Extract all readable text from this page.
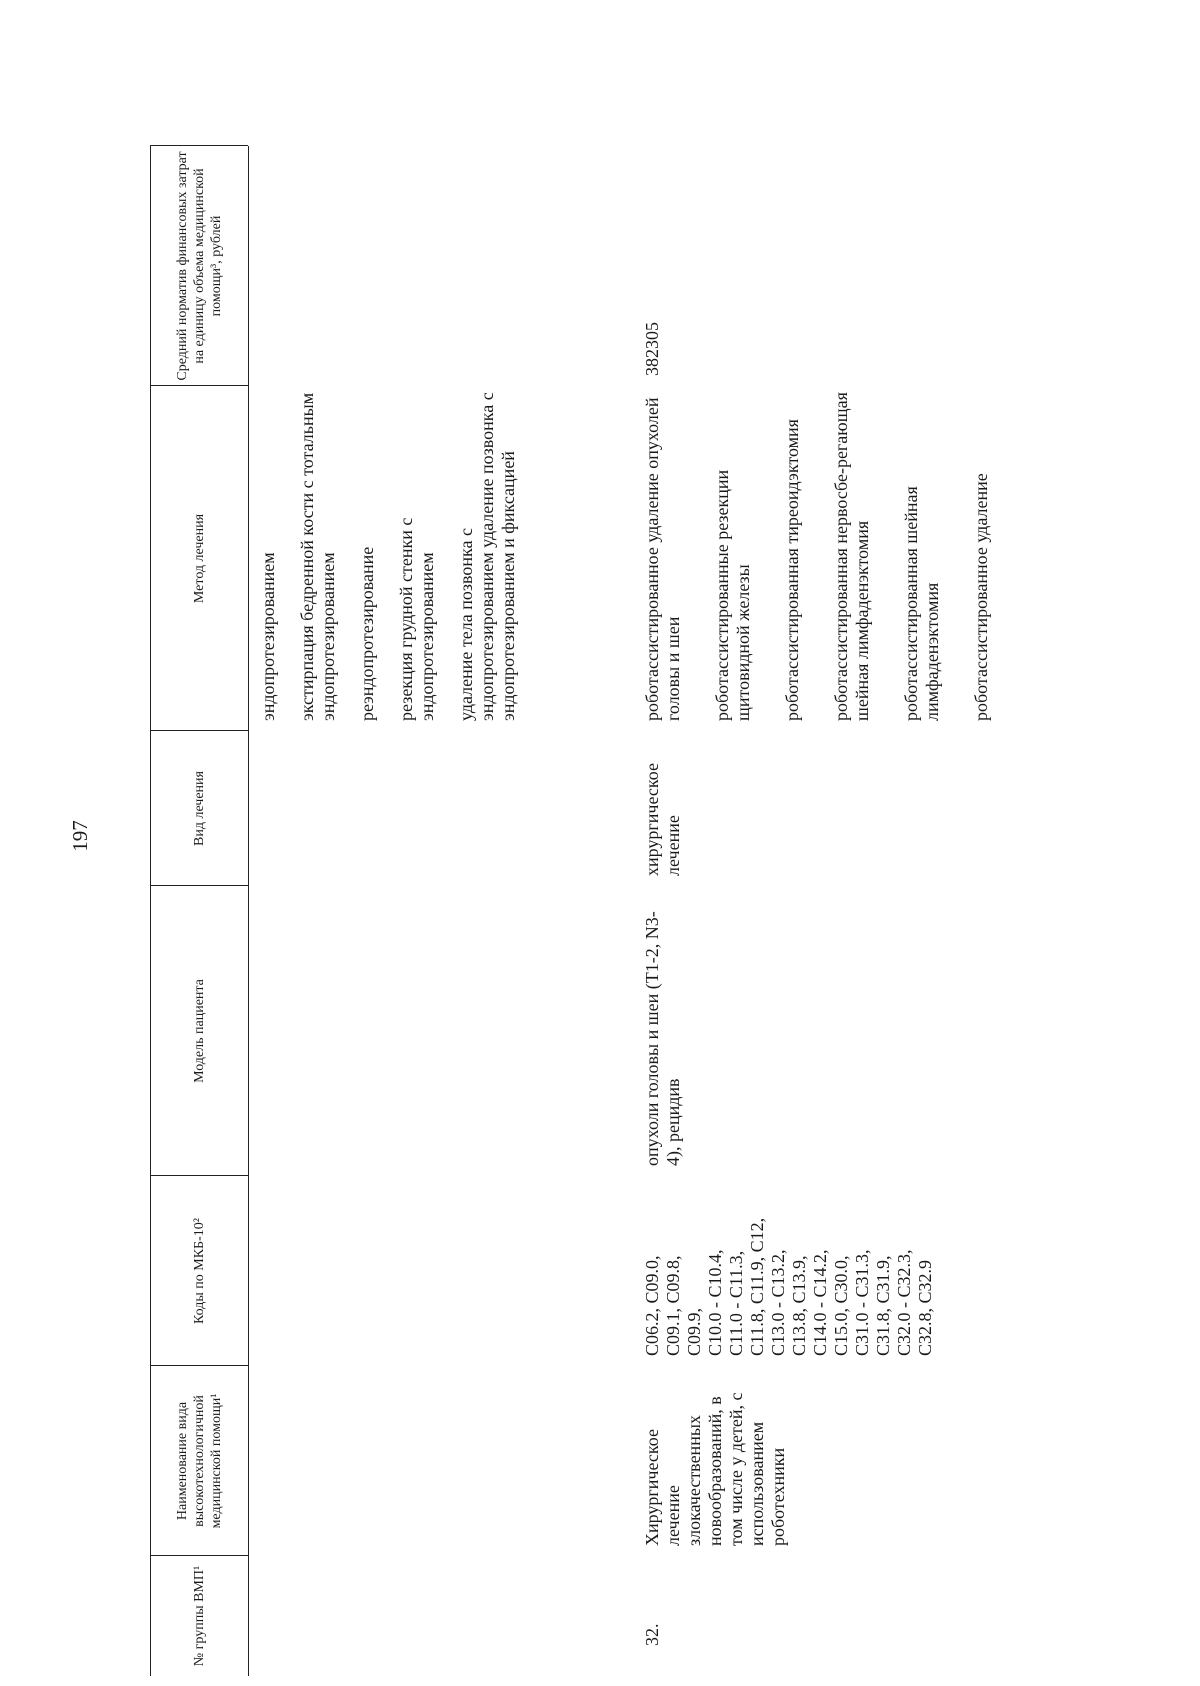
197
№ группы ВМП¹
Наименование вида высокотехнологичной медицинской помощи¹
Коды по МКБ-10²
Модель пациента
Вид лечения
Метод лечения
Средний норматив финансовых затрат на единицу объема медицинской помощи³, рублей
эндопротезированием экстирпация бедренной кости с тотальным эндопротезированием реэндопротезирование резекция грудной стенки с эндопротезированием удаление тела позвонка с эндопротезированием удаление позвонка с эндопротезированием и фиксацией
32.
Хирургическое лечение злокачественных новообразований, в том числе у детей, с использованием роботехники
C06.2, C09.0,
C09.1, C09.8,
C09.9,
C10.0 - C10.4,
C11.0 - C11.3,
C11.8, C11.9, C12,
C13.0 - C13.2,
C13.8, C13.9,
C14.0 - C14.2,
C15.0, C30.0,
C31.0 - C31.3,
C31.8, C31.9,
C32.0 - C32.3,
C32.8, C32.9
опухоли головы и шеи (T1-2, N3-4), рецидив
хирургическое лечение
роботассистированное удаление опухолей головы и шеи роботассистированные резекции щитовидной железы роботассистированная тиреоидэктомия роботассистированная нервосбе-регающая шейная лимфаденэктомия роботассистированная шейная лимфаденэктомия роботассистированное удаление
382305
